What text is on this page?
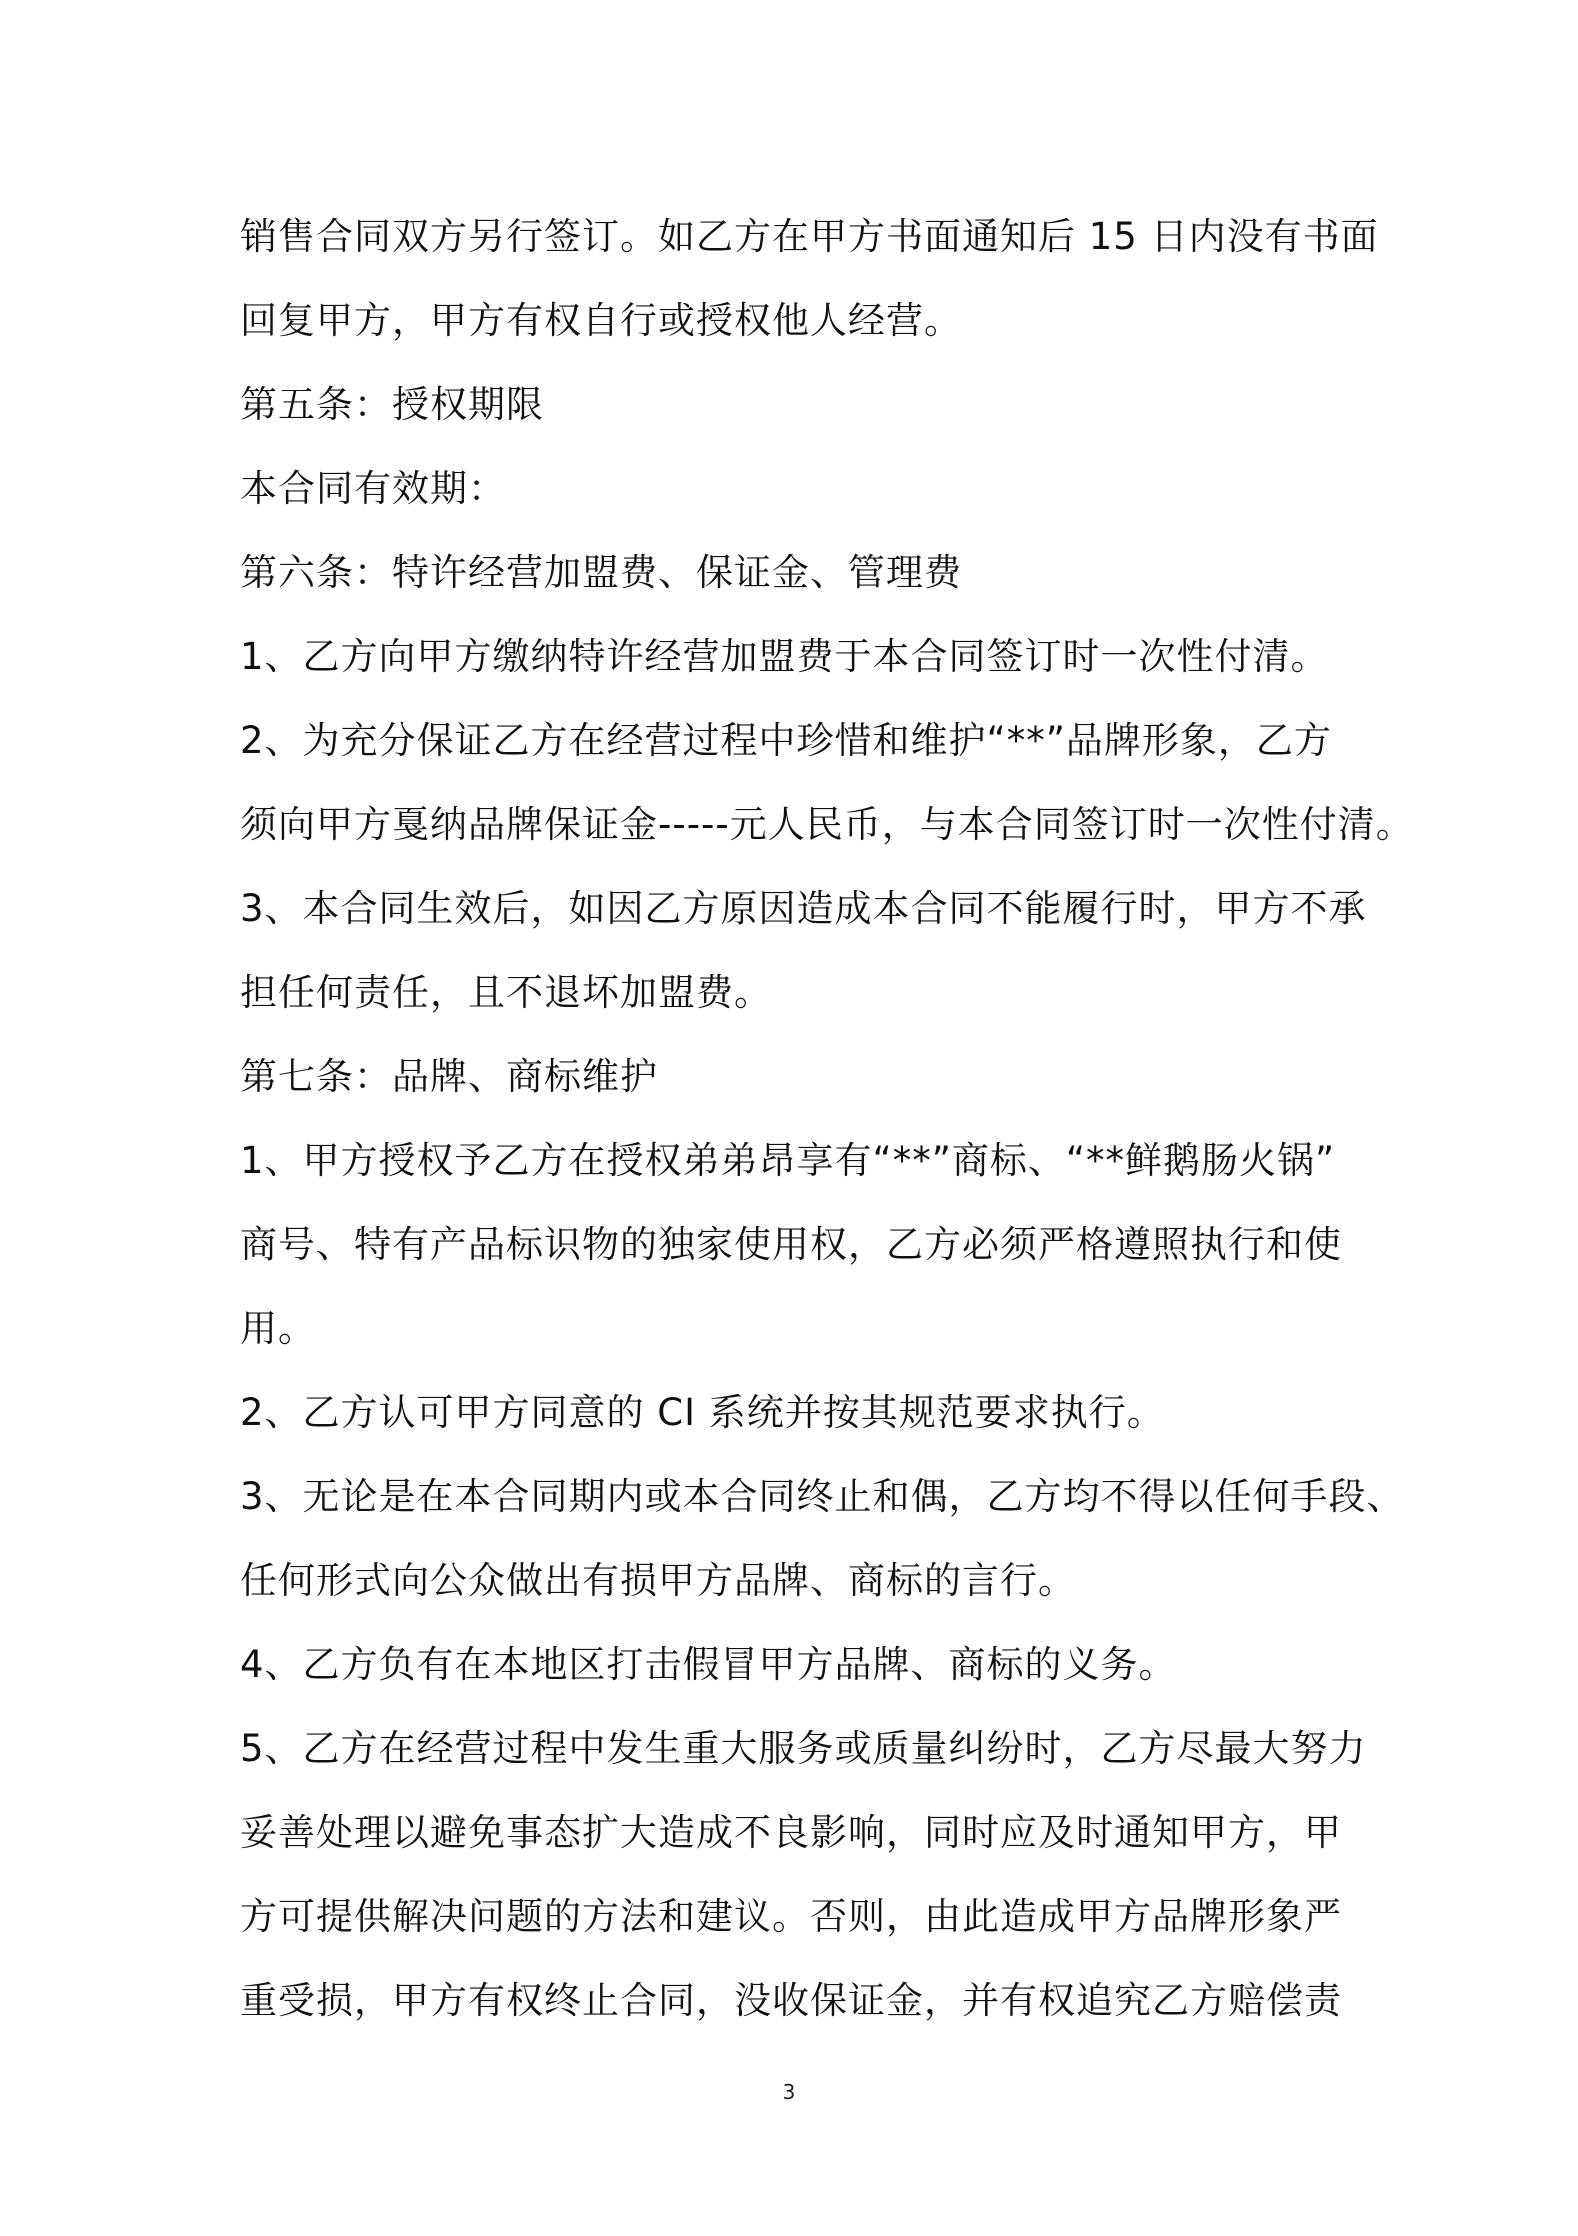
销售合同双方另行签订。如乙方在甲方书面通知后 15 日内没有书面
回复甲方，甲方有权自行或授权他人经营。
第五条：授权期限
本合同有效期：
第六条：特许经营加盟费、保证金、管理费
1、乙方向甲方缴纳特许经营加盟费于本合同签订时一次性付清。
2、为充分保证乙方在经营过程中珍惜和维护“**”品牌形象，乙方
须向甲方戛纳品牌保证金-----元人民币，与本合同签订时一次性付清。
3、本合同生效后，如因乙方原因造成本合同不能履行时，甲方不承
担任何责任，且不退坏加盟费。
第七条：品牌、商标维护
1、甲方授权予乙方在授权弟弟昂享有“**”商标、“**鲜鹅肠火锅”
商号、特有产品标识物的独家使用权，乙方必须严格遵照执行和使
用。
2、乙方认可甲方同意的 CI 系统并按其规范要求执行。
3、无论是在本合同期内或本合同终止和偶，乙方均不得以任何手段、
任何形式向公众做出有损甲方品牌、商标的言行。
4、乙方负有在本地区打击假冒甲方品牌、商标的义务。
5、乙方在经营过程中发生重大服务或质量纠纷时，乙方尽最大努力
妥善处理以避免事态扩大造成不良影响，同时应及时通知甲方，甲
方可提供解决问题的方法和建议。否则，由此造成甲方品牌形象严
重受损，甲方有权终止合同，没收保证金，并有权追究乙方赔偿责
3
